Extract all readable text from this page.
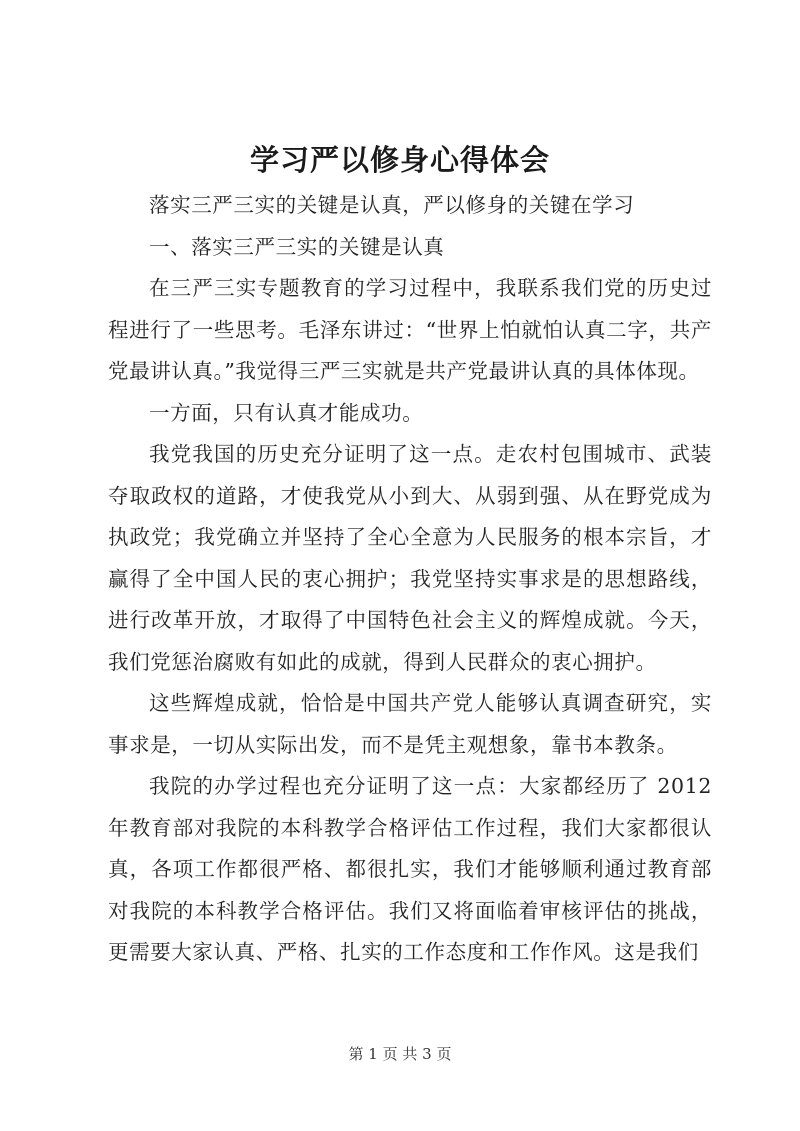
学习严以修身心得体会

落实三严三实的关键是认真，严以修身的关键在学习

一、落实三严三实的关键是认真

在三严三实专题教育的学习过程中，我联系我们党的历史过程进行了一些思考。毛泽东讲过：“世界上怕就怕认真二字，共产党最讲认真。”我觉得三严三实就是共产党最讲认真的具体体现。

一方面，只有认真才能成功。

我党我国的历史充分证明了这一点。走农村包围城市、武装夺取政权的道路，才使我党从小到大、从弱到强、从在野党成为执政党；我党确立并坚持了全心全意为人民服务的根本宗旨，才赢得了全中国人民的衷心拥护；我党坚持实事求是的思想路线，进行改革开放，才取得了中国特色社会主义的辉煌成就。今天，我们党惩治腐败有如此的成就，得到人民群众的衷心拥护。

这些辉煌成就，恰恰是中国共产党人能够认真调查研究，实事求是，一切从实际出发，而不是凭主观想象，靠书本教条。

我院的办学过程也充分证明了这一点：大家都经历了 2012 年教育部对我院的本科教学合格评估工作过程，我们大家都很认真，各项工作都很严格、都很扎实，我们才能够顺利通过教育部对我院的本科教学合格评估。我们又将面临着审核评估的挑战，更需要大家认真、严格、扎实的工作态度和工作作风。这是我们

第 1 页 共 3 页
